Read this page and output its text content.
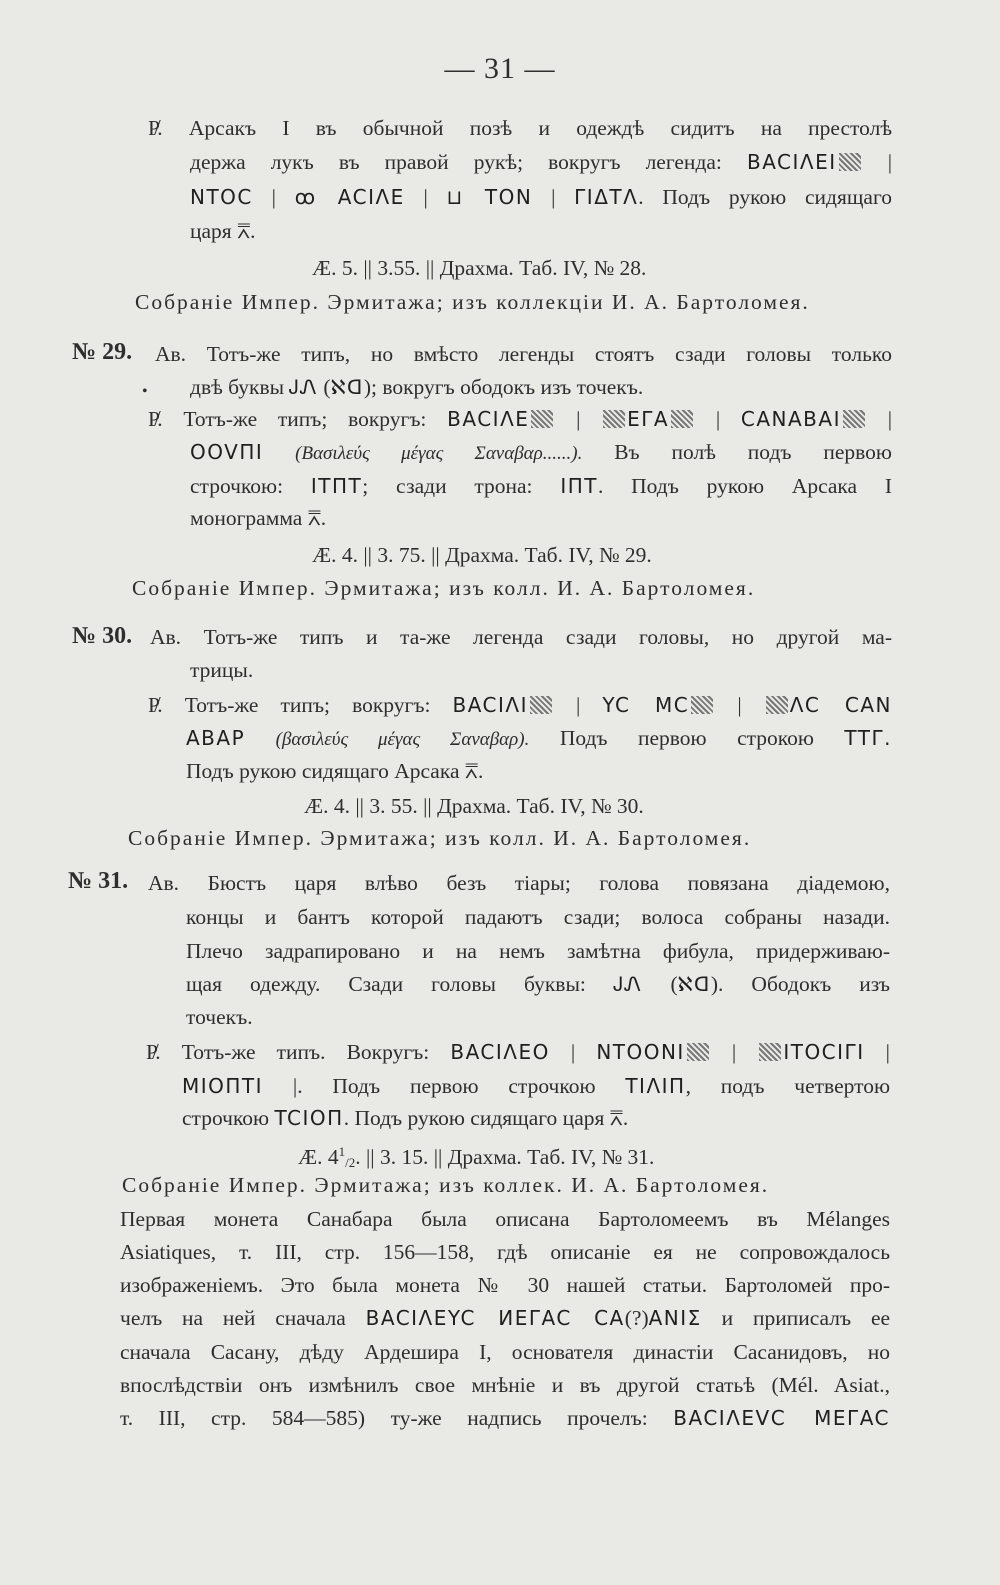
— 31 —
Р̸. Арсакъ I въ обычной позѣ и одеждѣ сидитъ на престолѣ
держа лукъ въ правой рукѣ; вокругъ легенда: BACIΛEI |
NTOC | ꝏ ACIΛE | ⊔ TON | ΓIΔTΛ. Подъ рукою сидящаго
царя ⩞.
Æ. 5. || 3.55. || Драхма. Таб. IV, № 28.
Собраніе Импер. Эрмитажа; изъ коллекціи И. А. Бартоломея.
№ 29. Ав. Тотъ-же типъ, но вмѣсто легенды стоятъ сзади головы только
• двѣ буквы ᎫᏁ (ℵᗡ); вокругъ ободокъ изъ точекъ.
Р̸. Тотъ-же типъ; вокругъ: BACIΛE | EΓA | CANABAI |
OOVПI (Βασιλεύς μέγας Σαναβαρ......). Въ полѣ подъ первою
строчкою: ITПT; сзади трона: IПT. Подъ рукою Арсака I
монограмма ⩞.
Æ. 4. || 3. 75. || Драхма. Таб. IV, № 29.
Собраніе Импер. Эрмитажа; изъ колл. И. А. Бартоломея.
№ 30. Ав. Тотъ-же типъ и та-же легенда сзади головы, но другой ма-
трицы.
Р̸. Тотъ-же типъ; вокругъ: BACIΛI | YC MC | ΛC CAN
ABAP (βασιλεύς μέγας Σαναβαρ). Подъ первою строкою TTΓ.
Подъ рукою сидящаго Арсака ⩞.
Æ. 4. || 3. 55. || Драхма. Таб. IV, № 30.
Собраніе Импер. Эрмитажа; изъ колл. И. А. Бартоломея.
№ 31. Ав. Бюстъ царя влѣво безъ тіары; голова повязана діадемою,
концы и бантъ которой падаютъ сзади; волоса собраны назади.
Плечо задрапировано и на немъ замѣтна фибула, придерживаю-
щая одежду. Сзади головы буквы: ᎫᏁ (ℵᗡ). Ободокъ изъ
точекъ.
Р̸. Тотъ-же типъ. Вокругъ: BACIΛEO | NTOONI | ITOCIΓI |
MIOПTI |. Подъ первою строчкою TIΛIП, подъ четвертою
строчкою TCIOП. Подъ рукою сидящаго царя ⩞.
Æ. $4^1_{/2}$. || 3. 15. || Драхма. Таб. IV, № 31.
Собраніе Импер. Эрмитажа; изъ коллек. И. А. Бартоломея.
Первая монета Санабара была описана Бартоломеемъ въ Mélanges
Asiatiques, т. III, стр. 156—158, гдѣ описаніе ея не сопровождалось
изображеніемъ. Это была монета № 30 нашей статьи. Бартоломей про-
челъ на ней сначала BACIΛEYC ИEΓAC CA(?)ANIΣ и приписалъ ее
сначала Сасану, дѣду Ардешира I, основателя династіи Сасанидовъ, но
впослѣдствіи онъ измѣнилъ свое мнѣніе и въ другой статьѣ (Mél. Asiat.,
т. III, стр. 584—585) ту-же надпись прочелъ: BACIΛEVC MEΓAC
